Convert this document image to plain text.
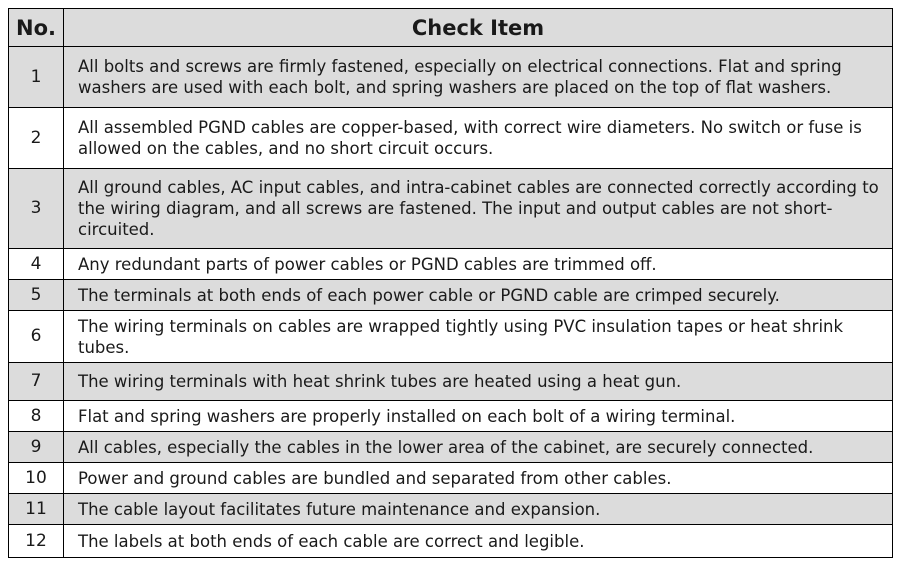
No.	Check Item
1	All bolts and screws are firmly fastened, especially on electrical connections. Flat and spring washers are used with each bolt, and spring washers are placed on the top of flat washers.
2	All assembled PGND cables are copper-based, with correct wire diameters. No switch or fuse is allowed on the cables, and no short circuit occurs.
3	All ground cables, AC input cables, and intra-cabinet cables are connected correctly according to the wiring diagram, and all screws are fastened. The input and output cables are not short-circuited.
4	Any redundant parts of power cables or PGND cables are trimmed off.
5	The terminals at both ends of each power cable or PGND cable are crimped securely.
6	The wiring terminals on cables are wrapped tightly using PVC insulation tapes or heat shrink tubes.
7	The wiring terminals with heat shrink tubes are heated using a heat gun.
8	Flat and spring washers are properly installed on each bolt of a wiring terminal.
9	All cables, especially the cables in the lower area of the cabinet, are securely connected.
10	Power and ground cables are bundled and separated from other cables.
11	The cable layout facilitates future maintenance and expansion.
12	The labels at both ends of each cable are correct and legible.
